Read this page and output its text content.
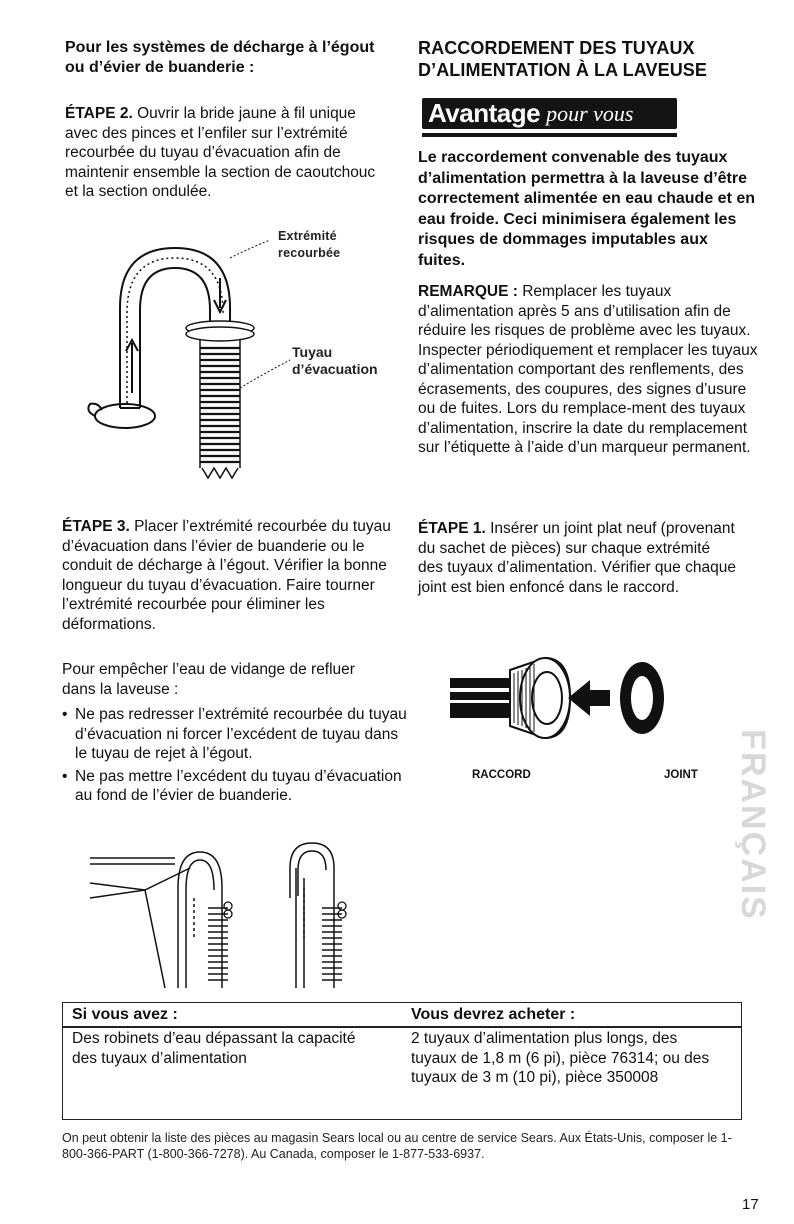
Pour les systèmes de décharge à l’égout ou d’évier de buanderie :

ÉTAPE 2. Ouvrir la bride jaune à fil unique avec des pinces et l’enfiler sur l’extrémité recourbée du tuyau d’évacuation afin de maintenir ensemble la section de caoutchouc et la section ondulée.

Extrémité
recourbée
Tuyau
d’évacuation

ÉTAPE 3. Placer l’extrémité recourbée du tuyau d’évacuation dans l’évier de buanderie ou le conduit de décharge à l’égout. Vérifier la bonne longueur du tuyau d’évacuation. Faire tourner l’extrémité recourbée pour éliminer les déformations.

Pour empêcher l’eau de vidange de refluer dans la laveuse :

• Ne pas redresser l’extrémité recourbée du tuyau d’évacuation ni forcer l’excédent de tuyau dans le tuyau de rejet à l’égout.
• Ne pas mettre l’excédent du tuyau d’évacuation au fond de l’évier de buanderie.

RACCORDEMENT DES TUYAUX D’ALIMENTATION À LA LAVEUSE

Avantage pour vous

Le raccordement convenable des tuyaux d’alimentation permettra à la laveuse d’être correctement alimentée en eau chaude et en eau froide. Ceci minimisera également les risques de dommages imputables aux fuites.

REMARQUE : Remplacer les tuyaux d’alimentation après 5 ans d’utilisation afin de réduire les risques de problème avec les tuyaux. Inspecter périodiquement et remplacer les tuyaux d’alimentation comportant des renflements, des écrasements, des coupures, des signes d’usure ou de fuites. Lors du remplace-ment des tuyaux d’alimentation, inscrire la date du remplacement sur l’étiquette à l’aide d’un marqueur permanent.

ÉTAPE 1. Insérer un joint plat neuf (provenant du sachet de pièces) sur chaque extrémité des tuyaux d’alimentation. Vérifier que chaque joint est bien enfoncé dans le raccord.

RACCORD	JOINT FRANÇAIS
Si vous avez :	Vous devrez acheter :
Des robinets d’eau dépassant la capacité des tuyaux d’alimentation
2 tuyaux d’alimentation plus longs, des tuyaux de 1,8 m (6 pi), pièce 76314; ou des tuyaux de 3 m (10 pi), pièce 350008

On peut obtenir la liste des pièces au magasin Sears local ou au centre de service Sears. Aux États-Unis, composer le 1-800-366-PART (1-800-366-7278). Au Canada, composer le 1-877-533-6937.

17
